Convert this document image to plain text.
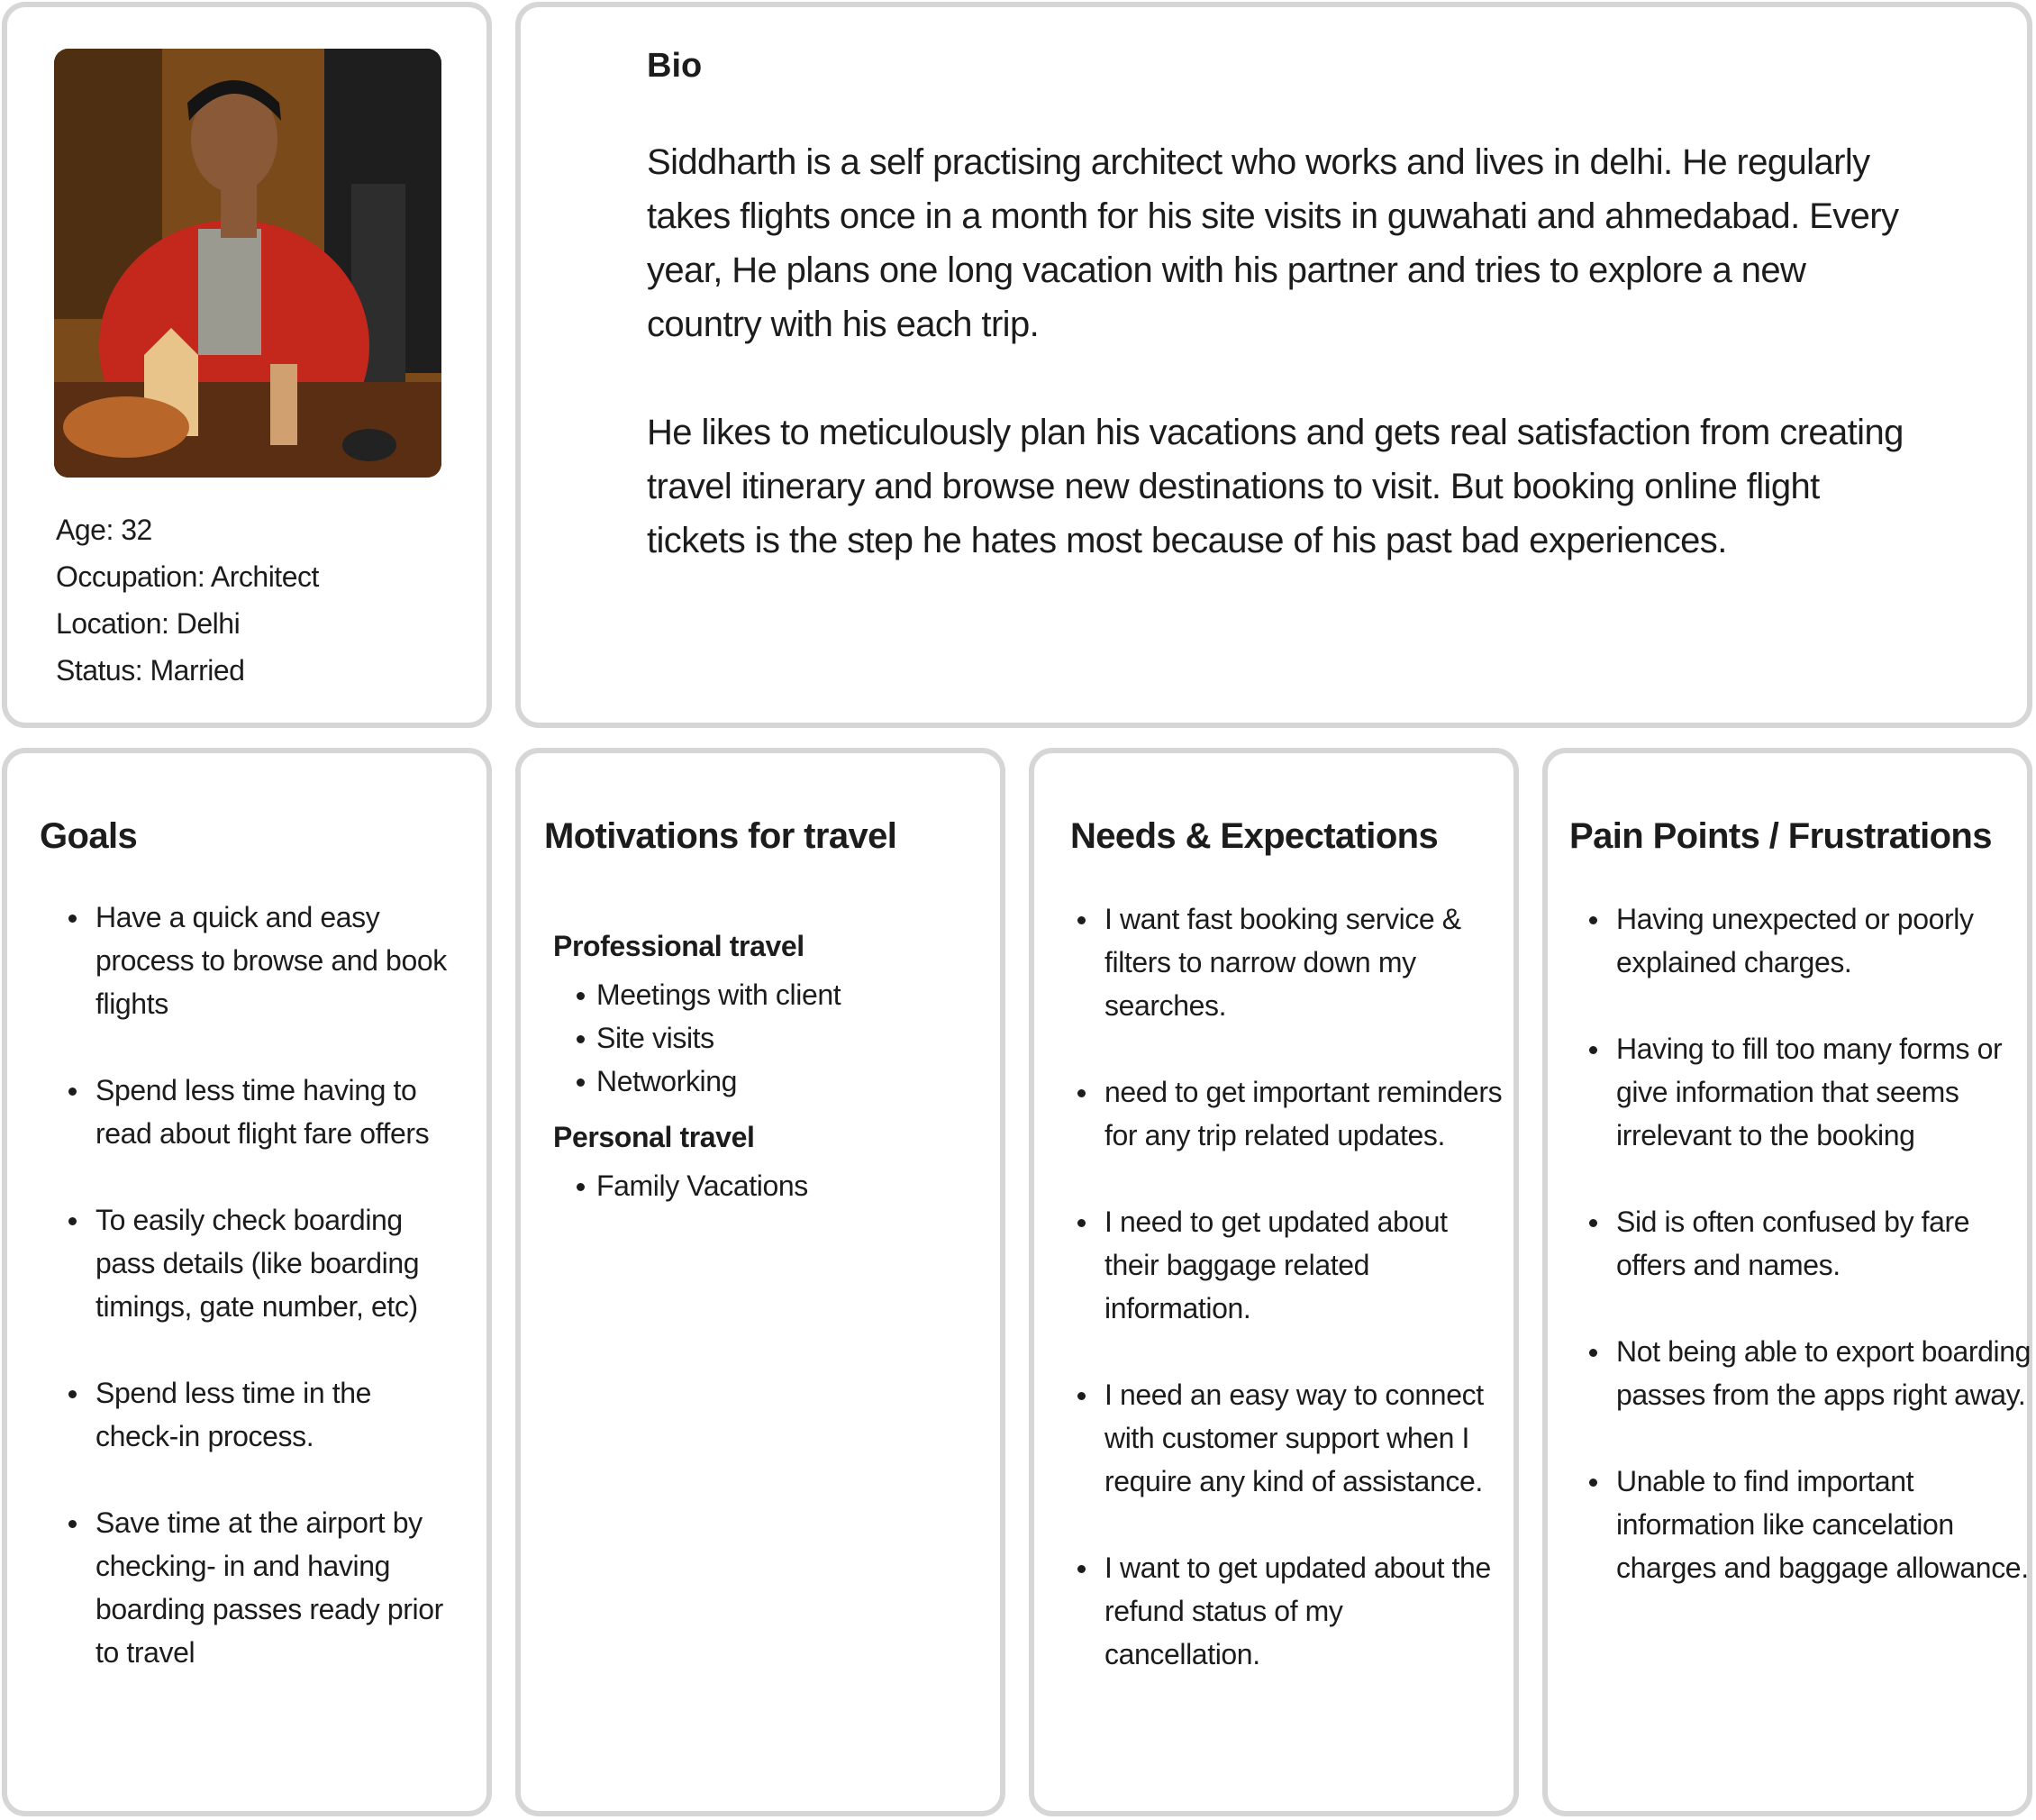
Age: 32
Occupation: Architect
Location: Delhi
Status: Married
Bio

Siddharth is a self practising architect who works and lives in delhi. He regularly takes flights once in a month for his site visits in guwahati and ahmedabad. Every year, He plans one long vacation with his partner and tries to explore a new country with his each trip.

He likes to meticulously plan his vacations and gets real satisfaction from creating travel itinerary and browse new destinations to visit. But booking online flight tickets is the step he hates most because of his past bad experiences.

Goals
Have a quick and easy process to browse and book flights
Spend less time having to read about flight fare offers
To easily check boarding pass details (like boarding timings, gate number, etc)
Spend less time in the check-in process.
Save time at the airport by checking- in and having boarding passes ready prior to travel
Motivations for travel
Professional travel
Meetings with client
Site visits
Networking
Personal travel
Family Vacations
Needs & Expectations
I want fast booking service & filters to narrow down my searches.
need to get important reminders for any trip related updates.
I need to get updated about their baggage related information.
I need an easy way to connect with customer support when I require any kind of assistance.
I want to get updated about the refund status of my cancellation.
Pain Points / Frustrations
Having unexpected or poorly explained charges.
Having to fill too many forms or give information that seems irrelevant to the booking
Sid is often confused by fare offers and names.
Not being able to export boarding passes from the apps right away.
Unable to find important information like cancelation charges and baggage allowance.
